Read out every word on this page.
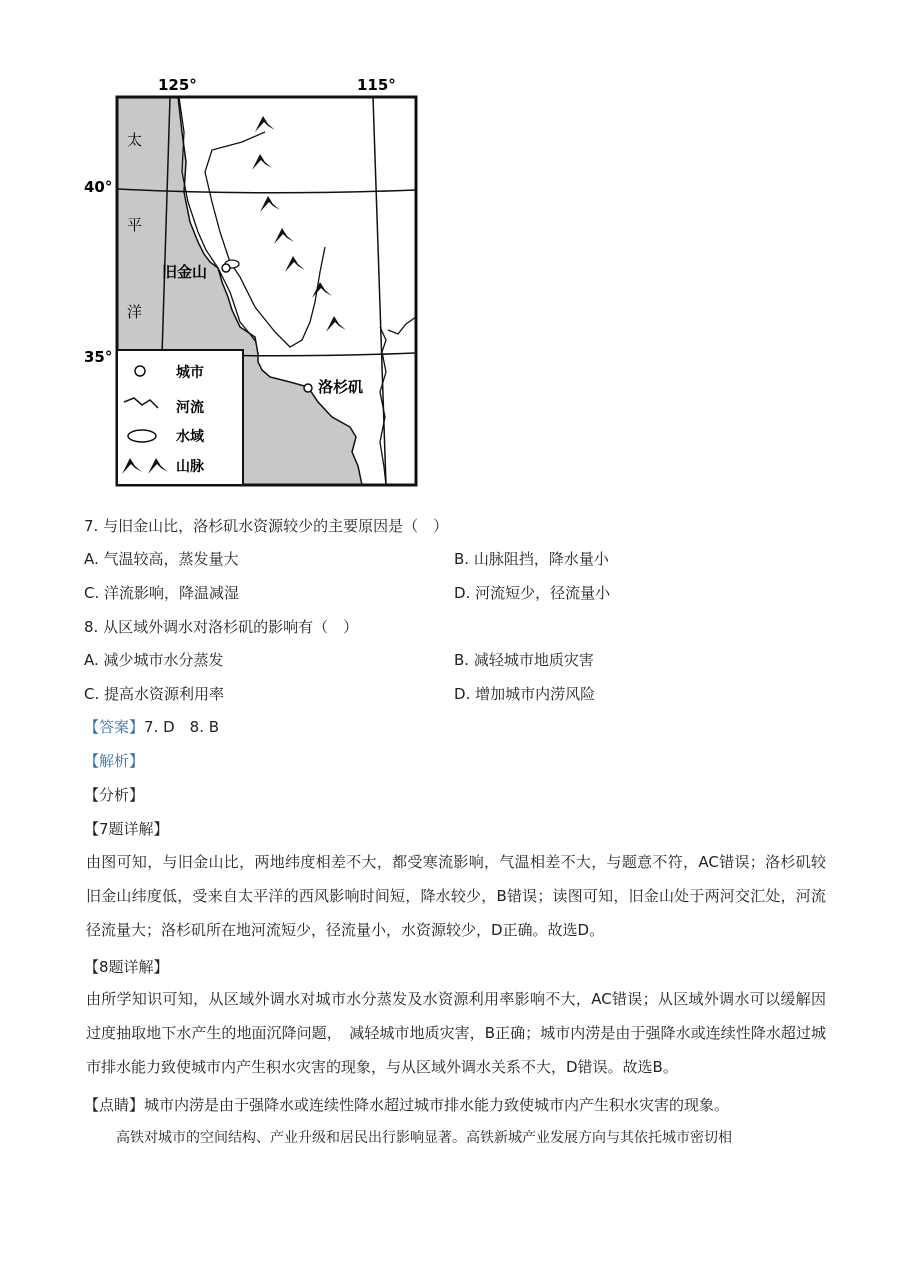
125°	115°
40°
35°
旧金山
洛杉矶
太
平
洋
城市
河流
水域
山脉
7. 与旧金山比，洛杉矶水资源较少的主要原因是（　）
A. 气温较高，蒸发量大	B. 山脉阻挡，降水量小
C. 洋流影响，降温减湿	D. 河流短少，径流量小
8. 从区域外调水对洛杉矶的影响有（　）
A. 减少城市水分蒸发	B. 减轻城市地质灾害
C. 提高水资源利用率	D. 增加城市内涝风险
【答案】7. D　8. B
【解析】
【分析】
【7题详解】

由图可知，与旧金山比，两地纬度相差不大，都受寒流影响，气温相差不大，与题意不符，AC错误；洛杉矶较旧金山纬度低，受来自太平洋的西风影响时间短，降水较少，B错误；读图可知，旧金山处于两河交汇处，河流径流量大；洛杉矶所在地河流短少，径流量小，水资源较少，D正确。故选D。

【8题详解】

由所学知识可知，从区域外调水对城市水分蒸发及水资源利用率影响不大，AC错误；从区域外调水可以缓解因过度抽取地下水产生的地面沉降问题，　减轻城市地质灾害，B正确；城市内涝是由于强降水或连续性降水超过城市排水能力致使城市内产生积水灾害的现象，与从区域外调水关系不大，D错误。故选B。

【点睛】城市内涝是由于强降水或连续性降水超过城市排水能力致使城市内产生积水灾害的现象。
高铁对城市的空间结构、产业升级和居民出行影响显著。高铁新城产业发展方向与其依托城市密切相
